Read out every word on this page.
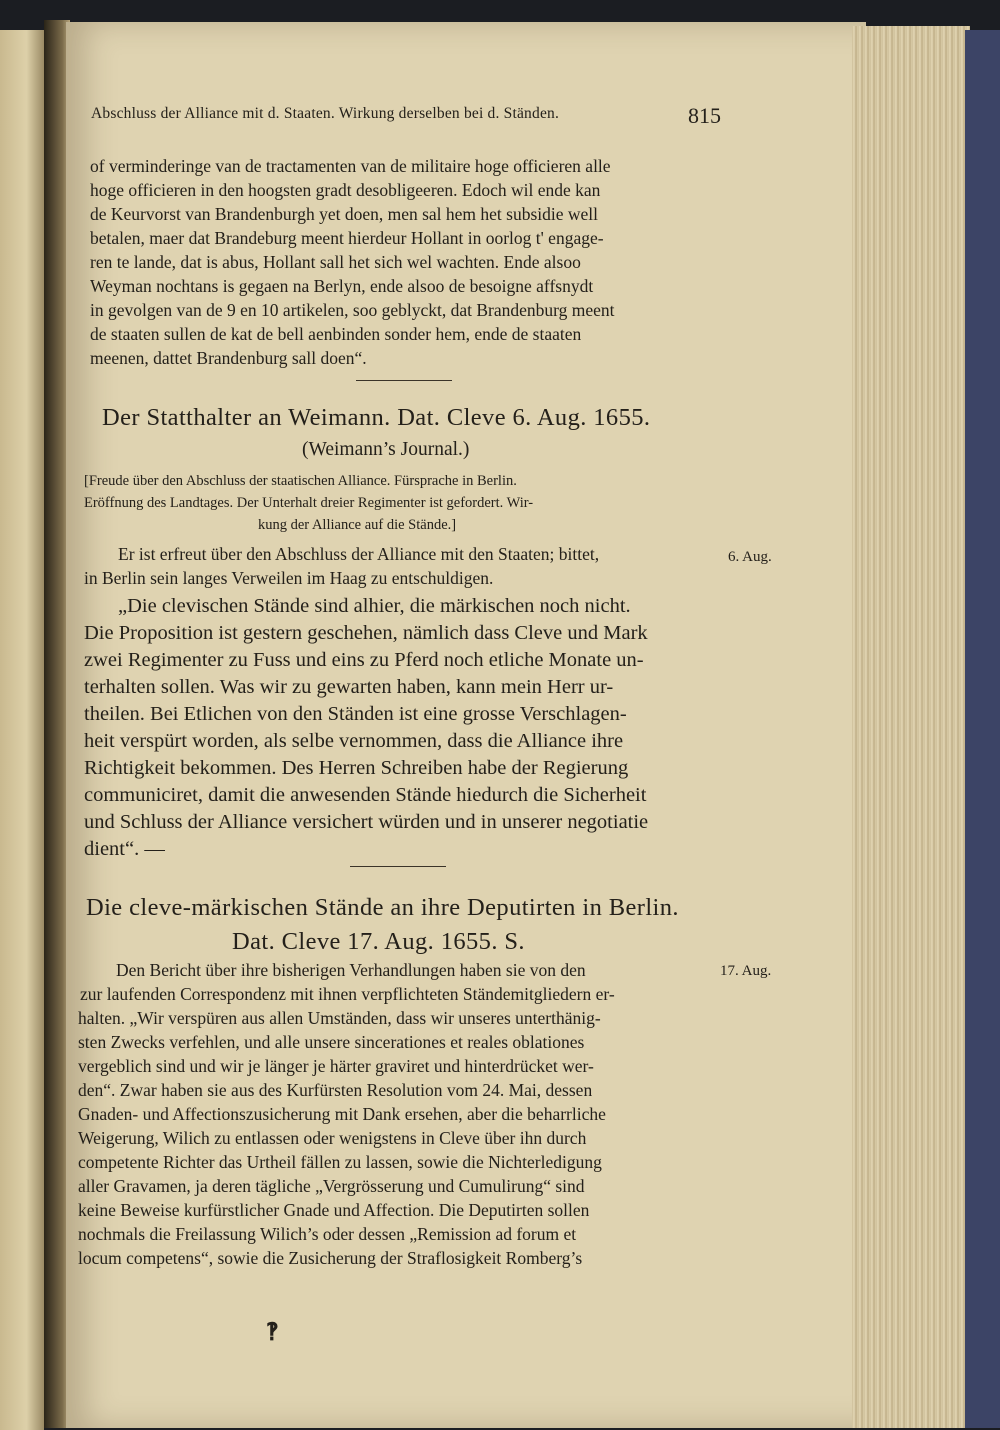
Abschluss der Alliance mit d. Staaten. Wirkung derselben bei d. Ständen.	815
of verminderinge van de tractamenten van de militaire hoge officieren alle
hoge officieren in den hoogsten gradt desobligeeren. Edoch wil ende kan
de Keurvorst van Brandenburgh yet doen, men sal hem het subsidie well
betalen, maer dat Brandeburg meent hierdeur Hollant in oorlog t' engage-
ren te lande, dat is abus, Hollant sall het sich wel wachten. Ende alsoo
Weyman nochtans is gegaen na Berlyn, ende alsoo de besoigne affsnydt
in gevolgen van de 9 en 10 artikelen, soo geblyckt, dat Brandenburg meent
de staaten sullen de kat de bell aenbinden sonder hem, ende de staaten
meenen, dattet Brandenburg sall doen“.
Der Statthalter an Weimann. Dat. Cleve 6. Aug. 1655.
(Weimann’s Journal.)
[Freude über den Abschluss der staatischen Alliance. Fürsprache in Berlin.
Eröffnung des Landtages. Der Unterhalt dreier Regimenter ist gefordert. Wir-
kung der Alliance auf die Stände.]
Er ist erfreut über den Abschluss der Alliance mit den Staaten; bittet,	6. Aug.
in Berlin sein langes Verweilen im Haag zu entschuldigen.
„Die clevischen Stände sind alhier, die märkischen noch nicht.
Die Proposition ist gestern geschehen, nämlich dass Cleve und Mark
zwei Regimenter zu Fuss und eins zu Pferd noch etliche Monate un-
terhalten sollen. Was wir zu gewarten haben, kann mein Herr ur-
theilen. Bei Etlichen von den Ständen ist eine grosse Verschlagen-
heit verspürt worden, als selbe vernommen, dass die Alliance ihre
Richtigkeit bekommen. Des Herren Schreiben habe der Regierung
communiciret, damit die anwesenden Stände hiedurch die Sicherheit
und Schluss der Alliance versichert würden und in unserer negotiatie
dient“. —
Die cleve-märkischen Stände an ihre Deputirten in Berlin.
Dat. Cleve 17. Aug. 1655. S.
Den Bericht über ihre bisherigen Verhandlungen haben sie von den	17. Aug.
zur laufenden Correspondenz mit ihnen verpflichteten Ständemitgliedern er-
halten. „Wir verspüren aus allen Umständen, dass wir unseres unterthänig-
sten Zwecks verfehlen, und alle unsere sincerationes et reales oblationes
vergeblich sind und wir je länger je härter graviret und hinterdrücket wer-
den“. Zwar haben sie aus des Kurfürsten Resolution vom 24. Mai, dessen
Gnaden- und Affectionszusicherung mit Dank ersehen, aber die beharrliche
Weigerung, Wilich zu entlassen oder wenigstens in Cleve über ihn durch
competente Richter das Urtheil fällen zu lassen, sowie die Nichterledigung
aller Gravamen, ja deren tägliche „Vergrösserung und Cumulirung“ sind
keine Beweise kurfürstlicher Gnade und Affection. Die Deputirten sollen
nochmals die Freilassung Wilich’s oder dessen „Remission ad forum et
locum competens“, sowie die Zusicherung der Straflosigkeit Romberg’s
‽
